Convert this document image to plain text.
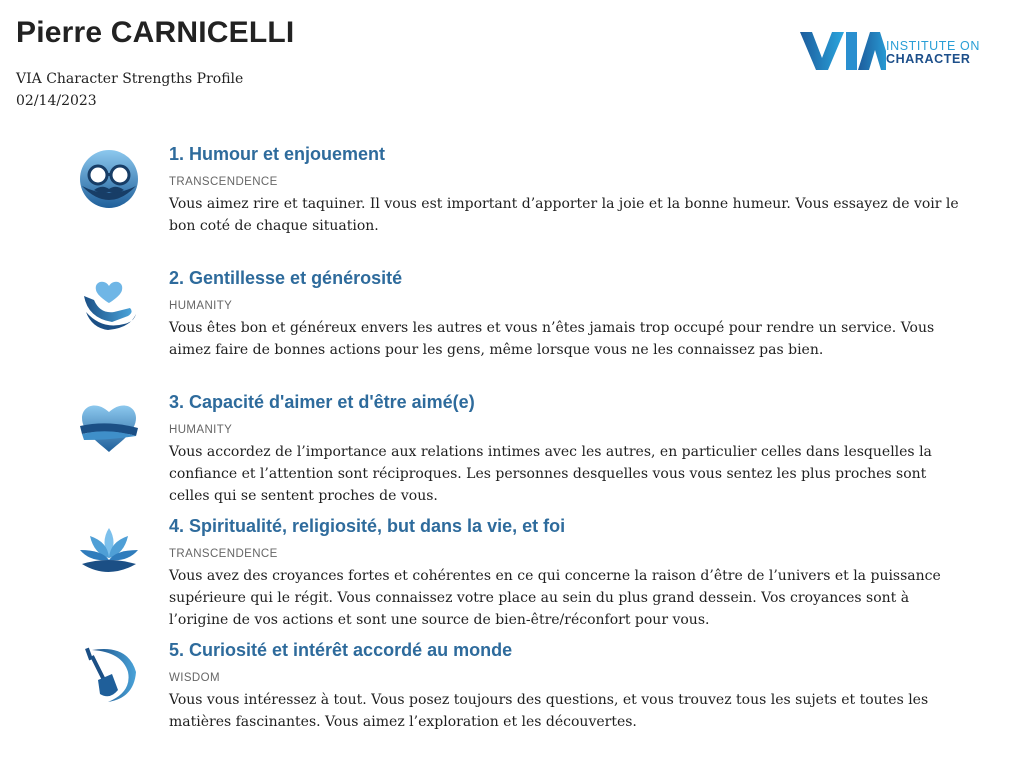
Pierre CARNICELLI
VIA Character Strengths Profile
02/14/2023
VIA
INSTITUTE ON
CHARACTER
1. Humour et enjouement
TRANSCENDENCE
Vous aimez rire et taquiner. Il vous est important d’apporter la joie et la bonne humeur. Vous essayez de voir le bon coté de chaque situation.
2. Gentillesse et générosité
HUMANITY
Vous êtes bon et généreux envers les autres et vous n’êtes jamais trop occupé pour rendre un service. Vous aimez faire de bonnes actions pour les gens, même lorsque vous ne les connaissez pas bien.
3. Capacité d'aimer et d'être aimé(e)
HUMANITY
Vous accordez de l’importance aux relations intimes avec les autres, en particulier celles dans lesquelles la confiance et l’attention sont réciproques. Les personnes desquelles vous vous sentez les plus proches sont celles qui se sentent proches de vous.
4. Spiritualité, religiosité, but dans la vie, et foi
TRANSCENDENCE
Vous avez des croyances fortes et cohérentes en ce qui concerne la raison d’être de l’univers et la puissance supérieure qui le régit. Vous connaissez votre place au sein du plus grand dessein. Vos croyances sont à l’origine de vos actions et sont une source de bien-être/réconfort pour vous.
5. Curiosité et intérêt accordé au monde
WISDOM
Vous vous intéressez à tout. Vous posez toujours des questions, et vous trouvez tous les sujets et toutes les matières fascinantes. Vous aimez l’exploration et les découvertes.
